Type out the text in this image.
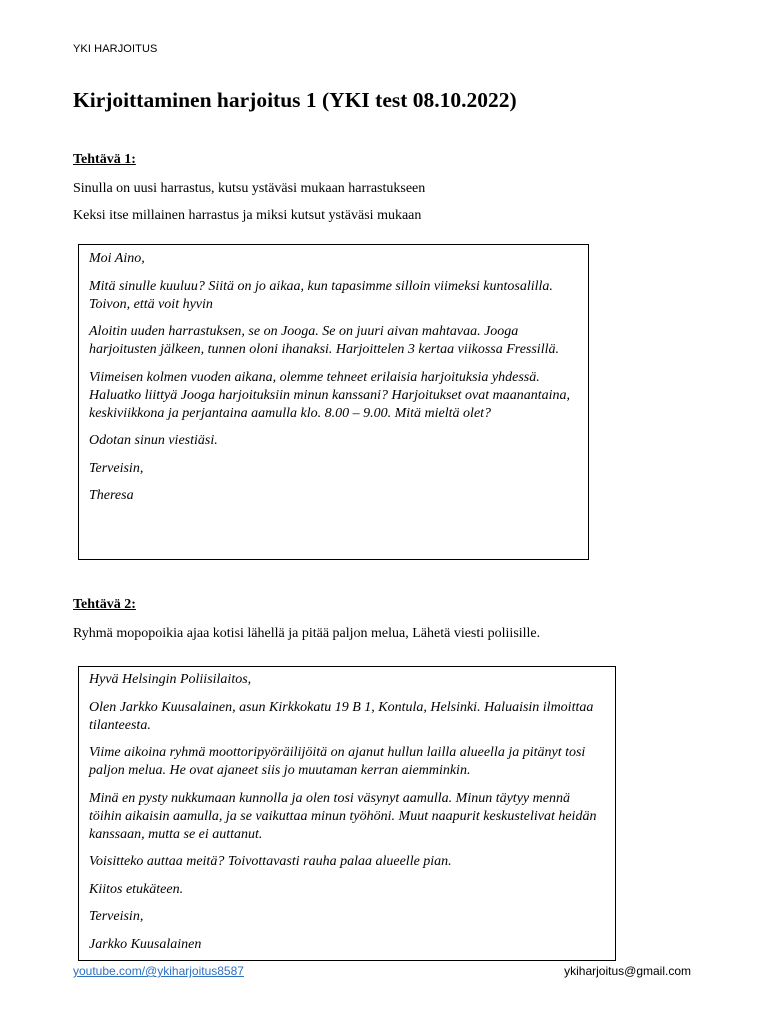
YKI HARJOITUS
Kirjoittaminen harjoitus 1 (YKI test 08.10.2022)
Tehtävä 1:

Sinulla on uusi harrastus, kutsu ystäväsi mukaan harrastukseen

Keksi itse millainen harrastus ja miksi kutsut ystäväsi mukaan

Moi Aino,

Mitä sinulle kuuluu? Siitä on jo aikaa, kun tapasimme silloin viimeksi kuntosalilla. Toivon, että voit hyvin

Aloitin uuden harrastuksen, se on Jooga. Se on juuri aivan mahtavaa. Jooga harjoitusten jälkeen, tunnen oloni ihanaksi. Harjoittelen 3 kertaa viikossa Fressillä.

Viimeisen kolmen vuoden aikana, olemme tehneet erilaisia harjoituksia yhdessä. Haluatko liittyä Jooga harjoituksiin minun kanssani? Harjoitukset ovat maanantaina, keskiviikkona ja perjantaina aamulla klo. 8.00 – 9.00. Mitä mieltä olet?

Odotan sinun viestiäsi.

Terveisin,

Theresa

Tehtävä 2:

Ryhmä mopopoikia ajaa kotisi lähellä ja pitää paljon melua, Lähetä viesti poliisille.

Hyvä Helsingin Poliisilaitos,

Olen Jarkko Kuusalainen, asun Kirkkokatu 19 B 1, Kontula, Helsinki. Haluaisin ilmoittaa tilanteesta.

Viime aikoina ryhmä moottoripyöräilijöitä on ajanut hullun lailla alueella ja pitänyt tosi paljon melua. He ovat ajaneet siis jo muutaman kerran aiemminkin.

Minä en pysty nukkumaan kunnolla ja olen tosi väsynyt aamulla. Minun täytyy mennä töihin aikaisin aamulla, ja se vaikuttaa minun työhöni. Muut naapurit keskustelivat heidän kanssaan, mutta se ei auttanut.

Voisitteko auttaa meitä? Toivottavasti rauha palaa alueelle pian.

Kiitos etukäteen.

Terveisin,

Jarkko Kuusalainen

youtube.com/@ykiharjoitus8587	ykiharjoitus@gmail.com
